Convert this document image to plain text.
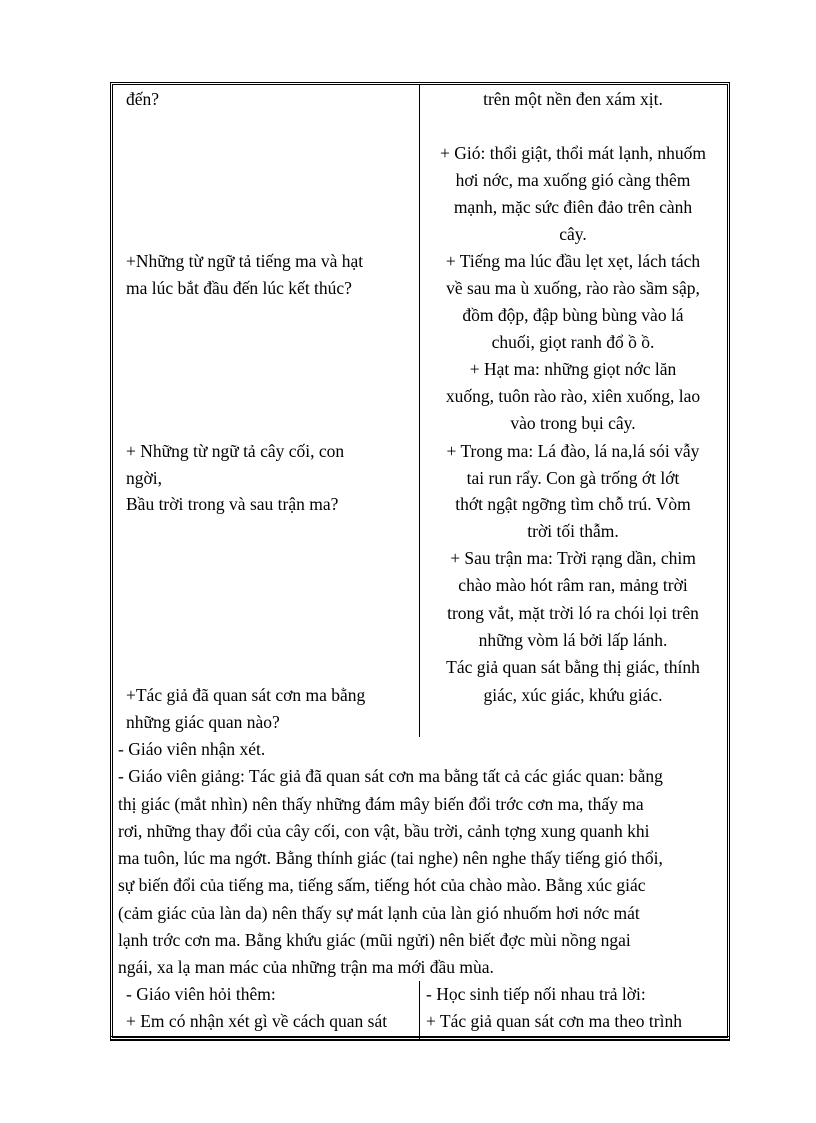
đến?
+Những từ ngữ tả tiếng ma và hạt
ma lúc bắt đầu đến lúc kết thúc?
+ Những từ ngữ tả cây cối, con
ngời,
Bầu trời trong và sau trận ma?
+Tác giả đã quan sát cơn ma bằng
những giác quan nào?
trên một nền đen xám xịt.
+ Gió: thổi giật, thổi mát lạnh, nhuốm
hơi nớc, ma xuống gió càng thêm
mạnh, mặc sức điên đảo trên cành
cây.
+ Tiếng ma lúc đầu lẹt xẹt, lách tách
về sau ma ù xuống, rào rào sầm sập,
đồm độp, đập bùng bùng vào lá
chuối, giọt ranh đổ ồ ồ.
+ Hạt ma: những giọt nớc lăn
xuống, tuôn rào rào, xiên xuống, lao
vào trong bụi cây.
+ Trong ma: Lá đào, lá na,lá sói vẫy
tai run rẩy. Con gà trống ớt lớt
thớt ngật ngỡng tìm chỗ trú. Vòm
trời tối thẫm.
+ Sau trận ma: Trời rạng dần, chim
chào mào hót râm ran, mảng trời
trong vắt, mặt trời ló ra chói lọi trên
những vòm lá bởi lấp lánh.
Tác giả quan sát bằng thị giác, thính
giác, xúc giác, khứu giác.
- Giáo viên nhận xét.
- Giáo viên giảng: Tác giả đã quan sát cơn ma bằng tất cả các giác quan: bằng
thị giác (mắt nhìn) nên thấy những đám mây biến đổi trớc cơn ma, thấy ma
rơi, những thay đổi của cây cối, con vật, bầu trời, cảnh tợng xung quanh khi
ma tuôn, lúc ma ngớt. Bằng thính giác (tai nghe) nên nghe thấy tiếng gió thổi,
sự biến đổi của tiếng ma, tiếng sấm, tiếng hót của chào mào. Bằng xúc giác
(cảm giác của làn da) nên thấy sự mát lạnh của làn gió nhuốm hơi nớc mát
lạnh trớc cơn ma. Bằng khứu giác (mũi ngửi) nên biết đợc mùi nồng ngai
ngái, xa lạ man mác của những trận ma mới đầu mùa.
- Giáo viên hỏi thêm:
+ Em có nhận xét gì về cách quan sát
- Học sinh tiếp nối nhau trả lời:
+ Tác giả quan sát cơn ma theo trình
